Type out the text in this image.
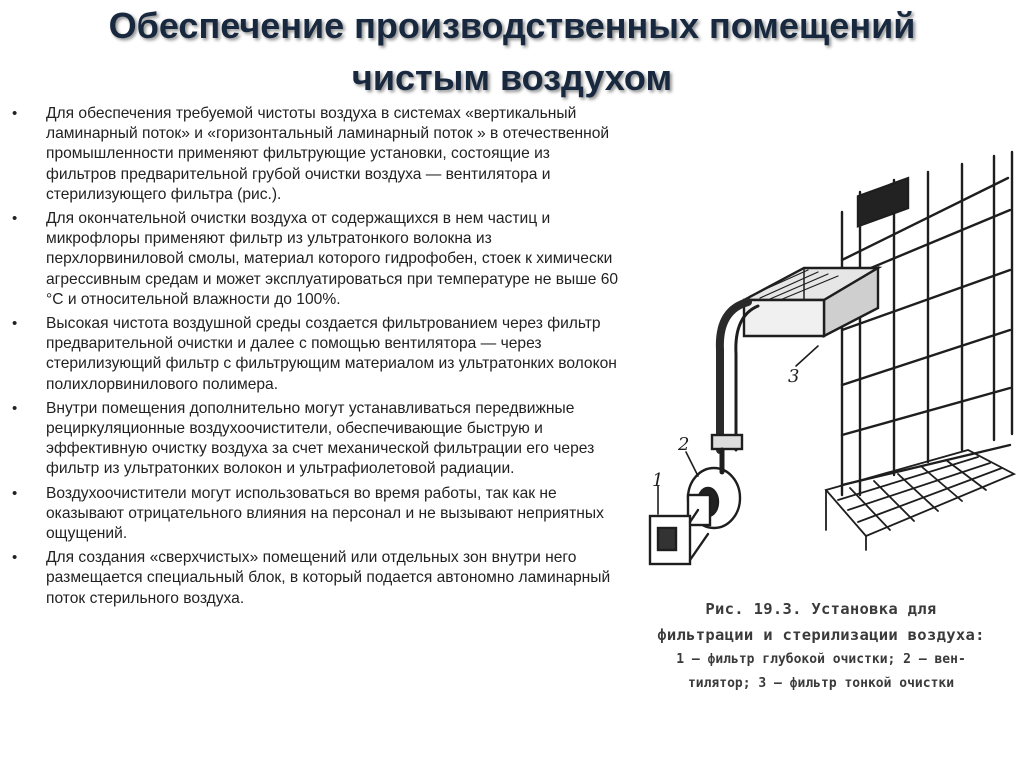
Обеспечение производственных помещений
чистым воздухом
• Для обеспечения требуемой чистоты воздуха в системах «вертикальный ламинарный поток» и «горизонтальный ламинарный поток » в отечественной промышленности применяют фильтрующие установки, состоящие из фильтров предварительной грубой очистки воздуха — вентилятора и стерилизующего фильтра (рис.).
• Для окончательной очистки воздуха от содержащихся в нем частиц и микрофлоры применяют фильтр из ультратонкого волокна из перхлорвиниловой смолы, материал которого гидрофобен, стоек к химически агрессивным средам и может эксплуатироваться при температуре не выше 60 °С и относительной влажности до 100%.
• Высокая чистота воздушной среды создается фильтрованием через фильтр предварительной очистки и далее с помощью вентилятора — через стерилизующий фильтр с фильтрующим материалом из ультратонких волокон полихлорвинилового полимера.
• Внутри помещения дополнительно могут устанавливаться передвижные рециркуляционные воздухоочистители, обеспечивающие быструю и эффективную очистку воздуха за счет механической фильтрации его через фильтр из ультратонких волокон и ультрафиолетовой радиации.
• Воздухоочистители могут использоваться во время работы, так как не оказывают отрицательного влияния на персонал и не вызывают неприятных ощущений.
• Для создания «сверхчистых» помещений или отдельных зон внутри него размещается специальный блок, в который подается автономно ламинарный поток стерильного воздуха.
1
2
3
Рис. 19.3. Установка для
фильтрации и стерилизации воздуха:
1 — фильтр глубокой очистки; 2 — вен-
тилятор; 3 — фильтр тонкой очистки
